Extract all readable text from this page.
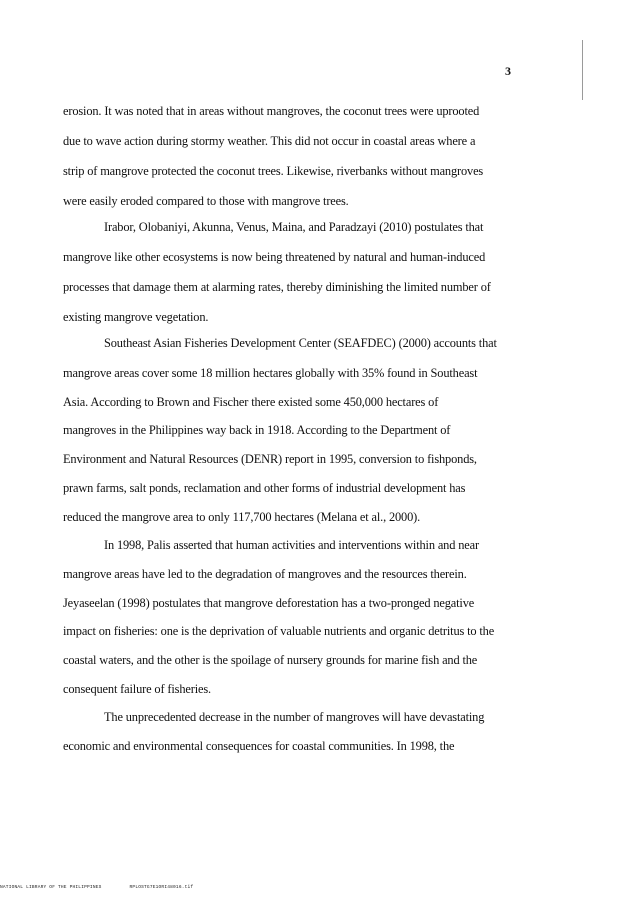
3
erosion. It was noted that in areas without mangroves, the coconut trees were uprooted
due to wave action during stormy weather. This did not occur in coastal areas where a
strip of mangrove protected the coconut trees. Likewise, riverbanks without mangroves
were easily eroded compared to those with mangrove trees.
Irabor, Olobaniyi, Akunna, Venus, Maina, and Paradzayi (2010) postulates that
mangrove like other ecosystems is now being threatened by natural and human-induced
processes that damage them at alarming rates, thereby diminishing the limited number of
existing mangrove vegetation.
Southeast Asian Fisheries Development Center (SEAFDEC) (2000) accounts that
mangrove areas cover some 18 million hectares globally with 35% found in Southeast
Asia. According to Brown and Fischer there existed some 450,000 hectares of
mangroves in the Philippines way back in 1918. According to the Department of
Environment and Natural Resources (DENR) report in 1995, conversion to fishponds,
prawn farms, salt ponds, reclamation and other forms of industrial development has
reduced the mangrove area to only 117,700 hectares (Melana et al., 2000).
In 1998, Palis asserted that human activities and interventions within and near
mangrove areas have led to the degradation of mangroves and the resources therein.
Jeyaseelan (1998) postulates that mangrove deforestation has a two-pronged negative
impact on fisheries: one is the deprivation of valuable nutrients and organic detritus to the
coastal waters, and the other is the spoilage of nursery grounds for marine fish and the
consequent failure of fisheries.
The unprecedented decrease in the number of mangroves will have devastating
economic and environmental consequences for coastal communities. In 1998, the
NATIONAL LIBRARY OF THE PHILIPPINES	RPLOSTG7E1ORI48016.tif
